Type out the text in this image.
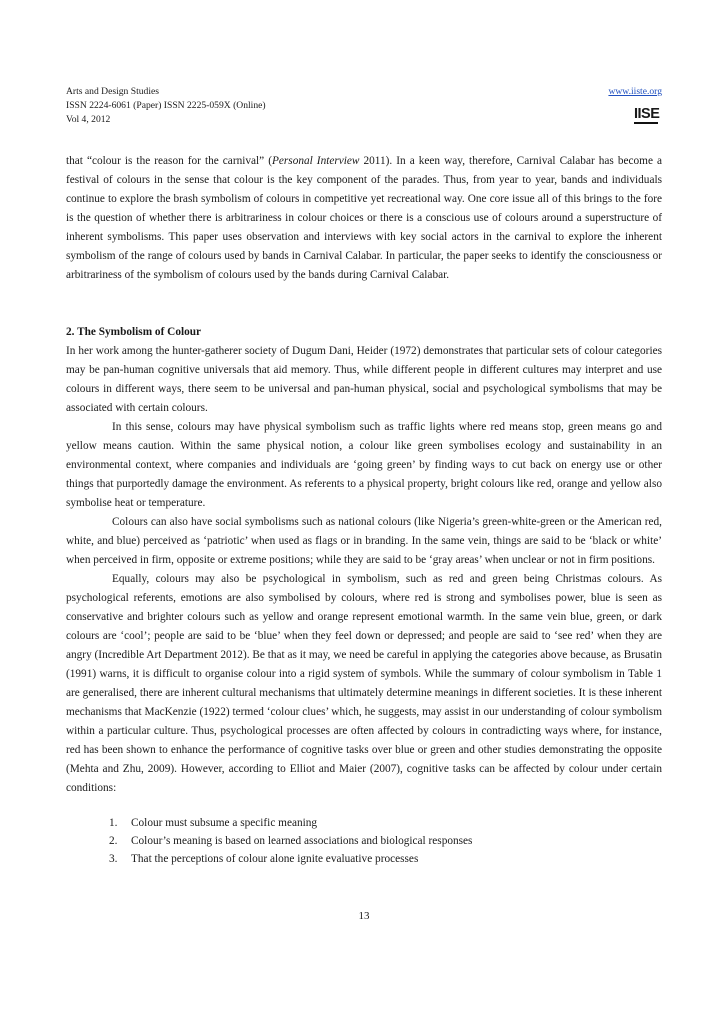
Arts and Design Studies
ISSN 2224-6061 (Paper) ISSN 2225-059X (Online)
Vol 4, 2012
www.iiste.org
IISE

that “colour is the reason for the carnival” (Personal Interview 2011). In a keen way, therefore, Carnival Calabar has become a festival of colours in the sense that colour is the key component of the parades. Thus, from year to year, bands and individuals continue to explore the brash symbolism of colours in competitive yet recreational way. One core issue all of this brings to the fore is the question of whether there is arbitrariness in colour choices or there is a conscious use of colours around a superstructure of inherent symbolisms. This paper uses observation and interviews with key social actors in the carnival to explore the inherent symbolism of the range of colours used by bands in Carnival Calabar. In particular, the paper seeks to identify the consciousness or arbitrariness of the symbolism of colours used by the bands during Carnival Calabar.

2. The Symbolism of Colour

In her work among the hunter-gatherer society of Dugum Dani, Heider (1972) demonstrates that particular sets of colour categories may be pan-human cognitive universals that aid memory. Thus, while different people in different cultures may interpret and use colours in different ways, there seem to be universal and pan-human physical, social and psychological symbolisms that may be associated with certain colours.

In this sense, colours may have physical symbolism such as traffic lights where red means stop, green means go and yellow means caution. Within the same physical notion, a colour like green symbolises ecology and sustainability in an environmental context, where companies and individuals are ‘going green’ by finding ways to cut back on energy use or other things that purportedly damage the environment. As referents to a physical property, bright colours like red, orange and yellow also symbolise heat or temperature.

Colours can also have social symbolisms such as national colours (like Nigeria’s green-white-green or the American red, white, and blue) perceived as ‘patriotic’ when used as flags or in branding. In the same vein, things are said to be ‘black or white’ when perceived in firm, opposite or extreme positions; while they are said to be ‘gray areas’ when unclear or not in firm positions.

Equally, colours may also be psychological in symbolism, such as red and green being Christmas colours. As psychological referents, emotions are also symbolised by colours, where red is strong and symbolises power, blue is seen as conservative and brighter colours such as yellow and orange represent emotional warmth. In the same vein blue, green, or dark colours are ‘cool’; people are said to be ‘blue’ when they feel down or depressed; and people are said to ‘see red’ when they are angry (Incredible Art Department 2012). Be that as it may, we need be careful in applying the categories above because, as Brusatin (1991) warns, it is difficult to organise colour into a rigid system of symbols. While the summary of colour symbolism in Table 1 are generalised, there are inherent cultural mechanisms that ultimately determine meanings in different societies. It is these inherent mechanisms that MacKenzie (1922) termed ‘colour clues’ which, he suggests, may assist in our understanding of colour symbolism within a particular culture. Thus, psychological processes are often affected by colours in contradicting ways where, for instance, red has been shown to enhance the performance of cognitive tasks over blue or green and other studies demonstrating the opposite (Mehta and Zhu, 2009). However, according to Elliot and Maier (2007), cognitive tasks can be affected by colour under certain conditions:

1. Colour must subsume a specific meaning
2. Colour’s meaning is based on learned associations and biological responses
3. That the perceptions of colour alone ignite evaluative processes
13
